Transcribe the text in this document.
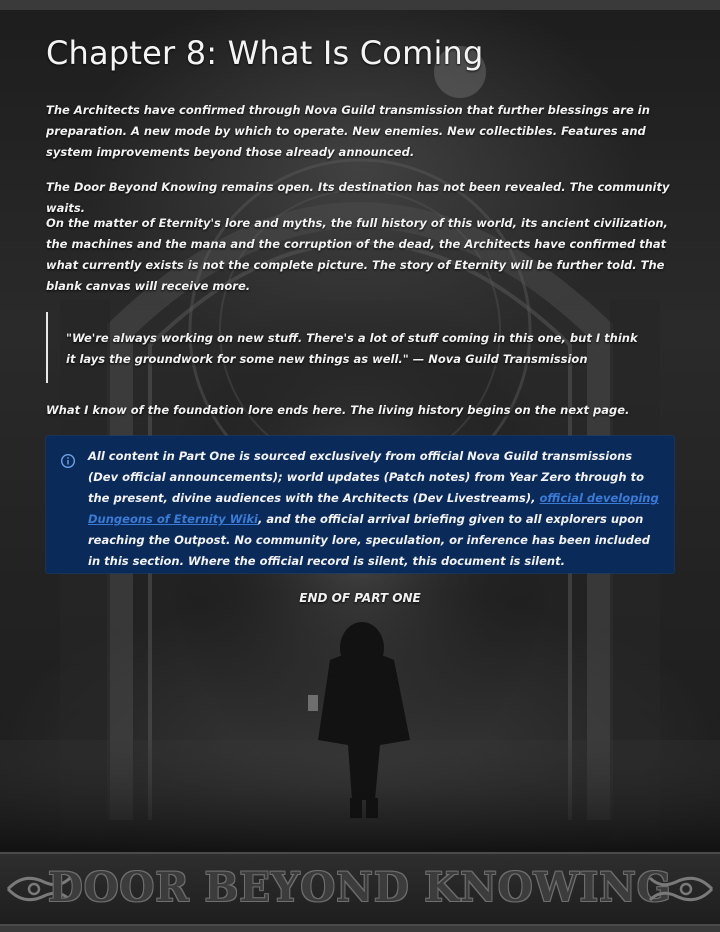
Chapter 8: What Is Coming

The Architects have confirmed through Nova Guild transmission that further blessings are in preparation. A new mode by which to operate. New enemies. New collectibles. Features and system improvements beyond those already announced.

The Door Beyond Knowing remains open. Its destination has not been revealed. The community waits.

On the matter of Eternity's lore and myths, the full history of this world, its ancient civilization, the machines and the mana and the corruption of the dead, the Architects have confirmed that what currently exists is not the complete picture. The story of Eternity will be further told. The blank canvas will receive more.

"We're always working on new stuff. There's a lot of stuff coming in this one, but I think it lays the groundwork for some new things as well." — Nova Guild Transmission

What I know of the foundation lore ends here. The living history begins on the next page.

All content in Part One is sourced exclusively from official Nova Guild transmissions (Dev official announcements); world updates (Patch notes) from Year Zero through to the present, divine audiences with the Architects (Dev Livestreams), official developing Dungeons of Eternity Wiki, and the official arrival briefing given to all explorers upon reaching the Outpost. No community lore, speculation, or inference has been included in this section. Where the official record is silent, this document is silent.
END OF PART ONE
DOOR BEYOND KNOWING
